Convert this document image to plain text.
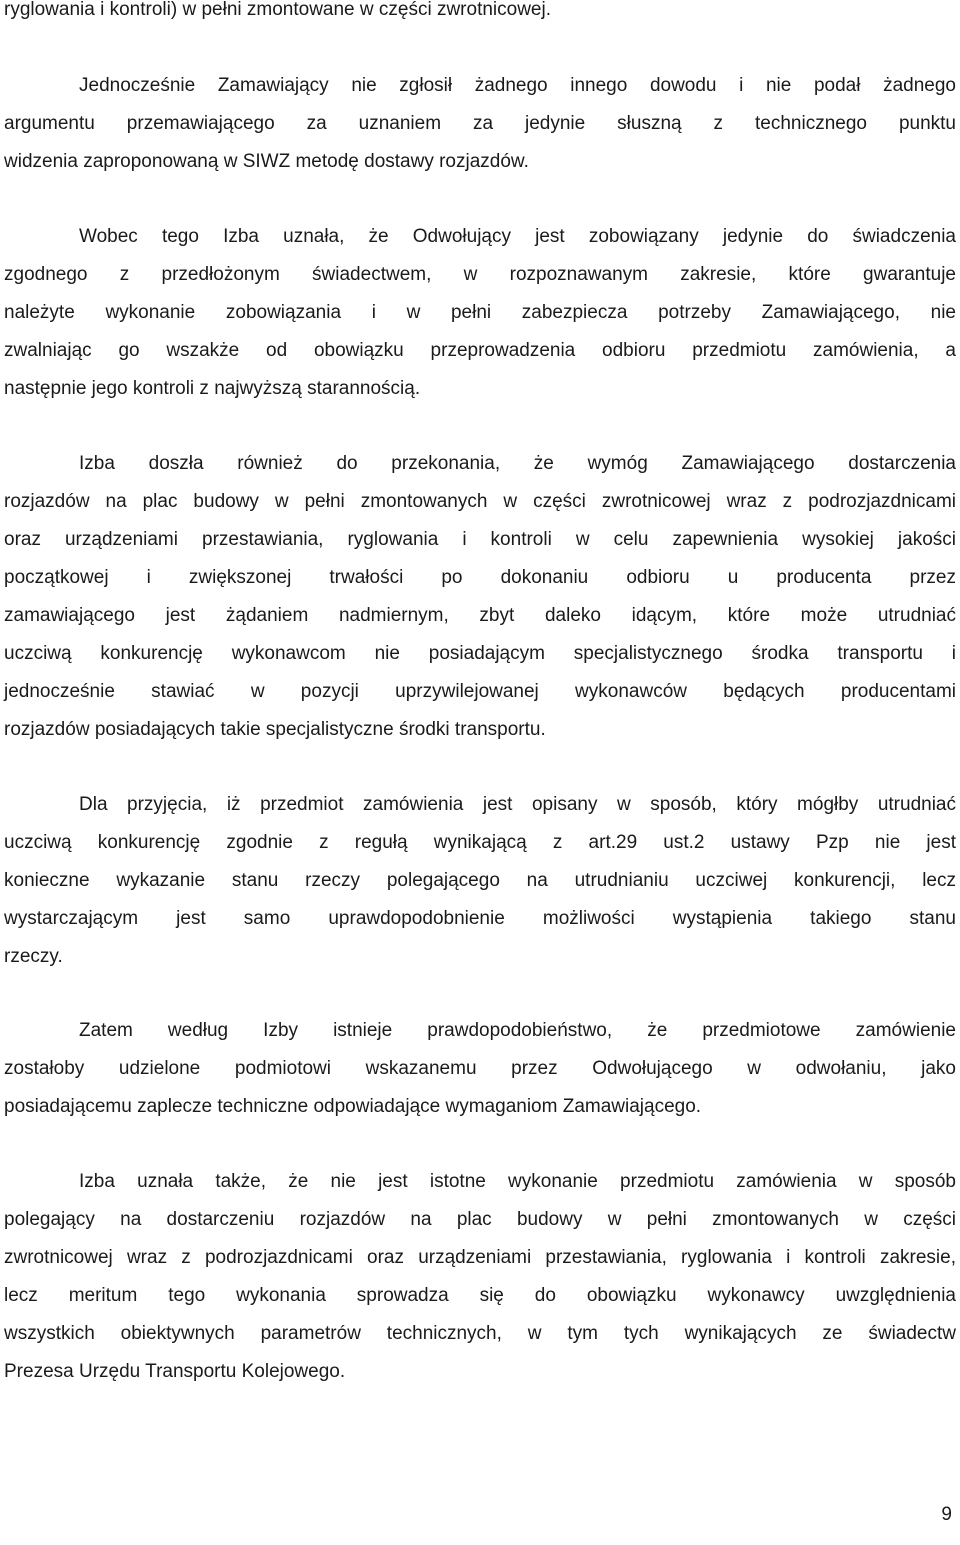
ryglowania i kontroli) w pełni zmontowane w części zwrotnicowej.
Jednocześnie Zamawiający nie zgłosił żadnego innego dowodu i nie podał żadnego
argumentu przemawiającego za uznaniem za jedynie słuszną z technicznego punktu
widzenia zaproponowaną w SIWZ metodę dostawy rozjazdów.
Wobec tego Izba uznała, że Odwołujący jest zobowiązany jedynie do świadczenia
zgodnego z przedłożonym świadectwem, w rozpoznawanym zakresie, które gwarantuje
należyte wykonanie zobowiązania i w pełni zabezpiecza potrzeby Zamawiającego, nie
zwalniając go wszakże od obowiązku przeprowadzenia odbioru przedmiotu zamówienia, a
następnie jego kontroli z najwyższą starannością.
Izba doszła również do przekonania, że wymóg Zamawiającego dostarczenia
rozjazdów na plac budowy w pełni zmontowanych w części zwrotnicowej wraz z podrozjazdnicami
oraz urządzeniami przestawiania, ryglowania i kontroli w celu zapewnienia wysokiej jakości
początkowej i zwiększonej trwałości po dokonaniu odbioru u producenta przez
zamawiającego jest żądaniem nadmiernym, zbyt daleko idącym, które może utrudniać
uczciwą konkurencję wykonawcom nie posiadającym specjalistycznego środka transportu i
jednocześnie stawiać w pozycji uprzywilejowanej wykonawców będących producentami
rozjazdów posiadających takie specjalistyczne środki transportu.
Dla przyjęcia, iż przedmiot zamówienia jest opisany w sposób, który mógłby utrudniać
uczciwą konkurencję zgodnie z regułą wynikającą z art.29 ust.2 ustawy Pzp nie jest
konieczne wykazanie stanu rzeczy polegającego na utrudnianiu uczciwej konkurencji, lecz
wystarczającym jest samo uprawdopodobnienie możliwości wystąpienia takiego stanu
rzeczy.
Zatem według Izby istnieje prawdopodobieństwo, że przedmiotowe zamówienie
zostałoby udzielone podmiotowi wskazanemu przez Odwołującego w odwołaniu, jako
posiadającemu zaplecze techniczne odpowiadające wymaganiom Zamawiającego.
Izba uznała także, że nie jest istotne wykonanie przedmiotu zamówienia w sposób
polegający na dostarczeniu rozjazdów na plac budowy w pełni zmontowanych w części
zwrotnicowej wraz z podrozjazdnicami oraz urządzeniami przestawiania, ryglowania i kontroli zakresie,
lecz meritum tego wykonania sprowadza się do obowiązku wykonawcy uwzględnienia
wszystkich obiektywnych parametrów technicznych, w tym tych wynikających ze świadectw
Prezesa Urzędu Transportu Kolejowego.
9
